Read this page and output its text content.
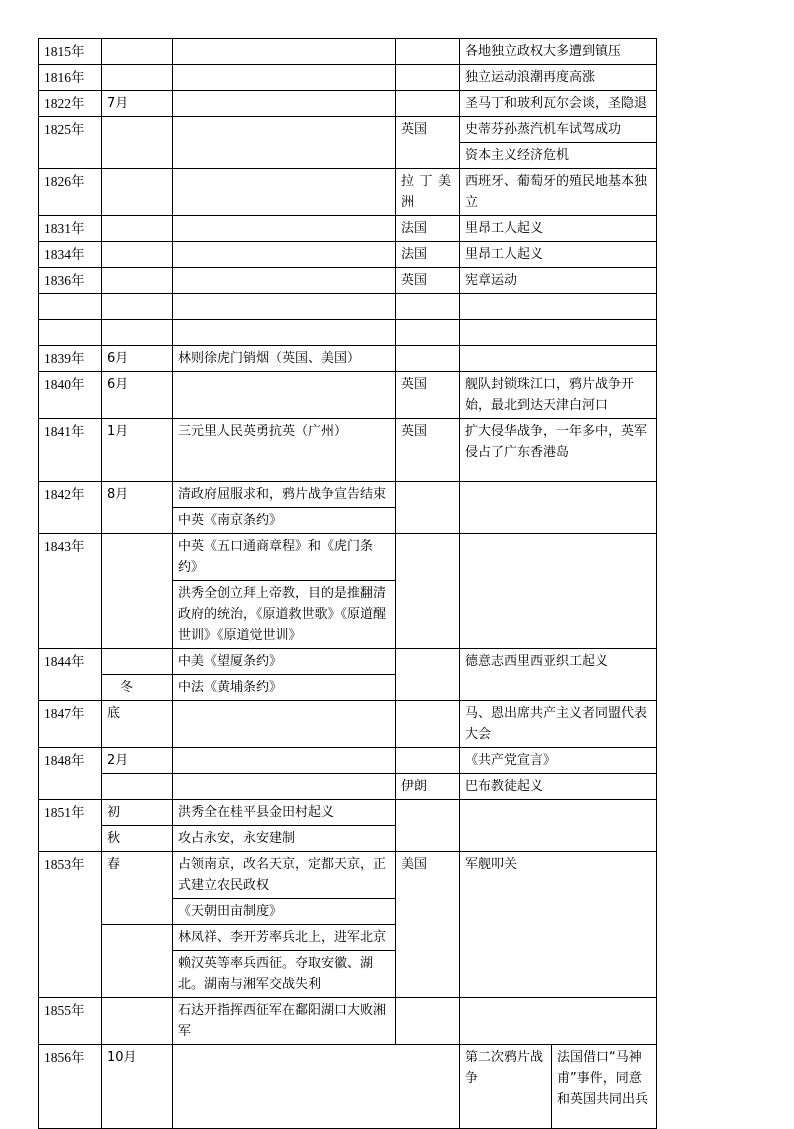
1815年				各地独立政权大多遭到镇压	
1816年				独立运动浪潮再度高涨	
1822年	7月			圣马丁和玻利瓦尔会谈，圣隐退	
1825年			英国	史蒂芬孙蒸汽机车试驾成功	
				资本主义经济危机	
1826年			拉丁美洲	西班牙、葡萄牙的殖民地基本独立	
1831年			法国	里昂工人起义	
1834年			法国	里昂工人起义	
1836年			英国	宪章运动	

1839年	6月	林则徐虎门销烟（英国、美国）			
1840年	6月		英国	舰队封锁珠江口，鸦片战争开始，最北到达天津白河口	
1841年	1月	三元里人民英勇抗英（广州）	英国	扩大侵华战争，一年多中，英军侵占了广东香港岛	
1842年	8月	清政府屈服求和，鸦片战争宣告结束			
		中英《南京条约》			
1843年		中英《五口通商章程》和《虎门条约》			
		洪秀全创立拜上帝教，目的是推翻清政府的统治，《原道救世歌》《原道醒世训》《原道觉世训》			
1844年		中美《望厦条约》		德意志西里西亚织工起义	
	冬	中法《黄埔条约》			
1847年	底			马、恩出席共产主义者同盟代表大会	
1848年	2月			《共产党宣言》	
			伊朗	巴布教徒起义	
1851年	初	洪秀全在桂平县金田村起义			
	秋	攻占永安，永安建制			
1853年	春	占领南京，改名天京，定都天京，正式建立农民政权	美国	军舰叩关	
		《天朝田亩制度》			
		林凤祥、李开芳率兵北上，进军北京			
		赖汉英等率兵西征。夺取安徽、湖北。湖南与湘军交战失利			
1855年		石达开指挥西征军在鄱阳湖口大败湘军			
1856年	10月			第二次鸦片战争	法国借口“马神甫”事件，同意和英国共同出兵
